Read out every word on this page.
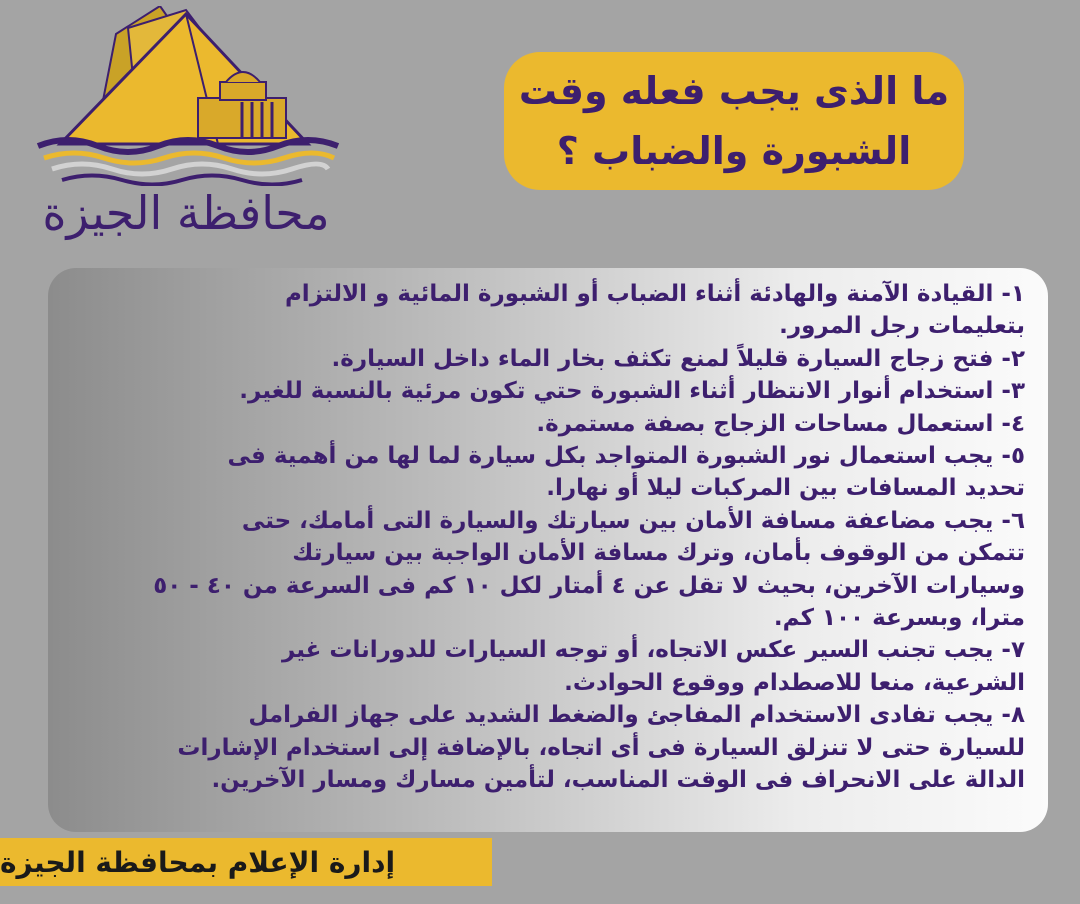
محافظة الجيزة
ما الذى يجب فعله وقت
الشبورة والضباب ؟
١- القيادة الآمنة والهادئة أثناء الضباب أو الشبورة المائية و الالتزام
بتعليمات رجل المرور.
٢- فتح زجاج السيارة قليلاً لمنع تكثف بخار الماء داخل السيارة.
٣- استخدام أنوار الانتظار أثناء الشبورة حتي تكون مرئية بالنسبة للغير.
٤- استعمال مساحات الزجاج بصفة مستمرة.
٥- يجب استعمال نور الشبورة المتواجد بكل سيارة لما لها من أهمية فى
تحديد المسافات بين المركبات ليلا أو نهارا.
٦- يجب مضاعفة مسافة الأمان بين سيارتك والسيارة التى أمامك، حتى
تتمكن من الوقوف بأمان، وترك مسافة الأمان الواجبة بين سيارتك
وسيارات الآخرين، بحيث لا تقل عن ٤ أمتار لكل ١٠ كم فى السرعة من ٤٠ - ٥٠
مترا، وبسرعة ١٠٠ كم.
٧- يجب تجنب السير عكس الاتجاه، أو توجه السيارات للدورانات غير
الشرعية، منعا للاصطدام ووقوع الحوادث.
٨- يجب تفادى الاستخدام المفاجئ والضغط الشديد على جهاز الفرامل
للسيارة حتى لا تنزلق السيارة فى أى اتجاه، بالإضافة إلى استخدام الإشارات
الدالة على الانحراف فى الوقت المناسب، لتأمين مسارك ومسار الآخرين.
إدارة الإعلام بمحافظة الجيزة
